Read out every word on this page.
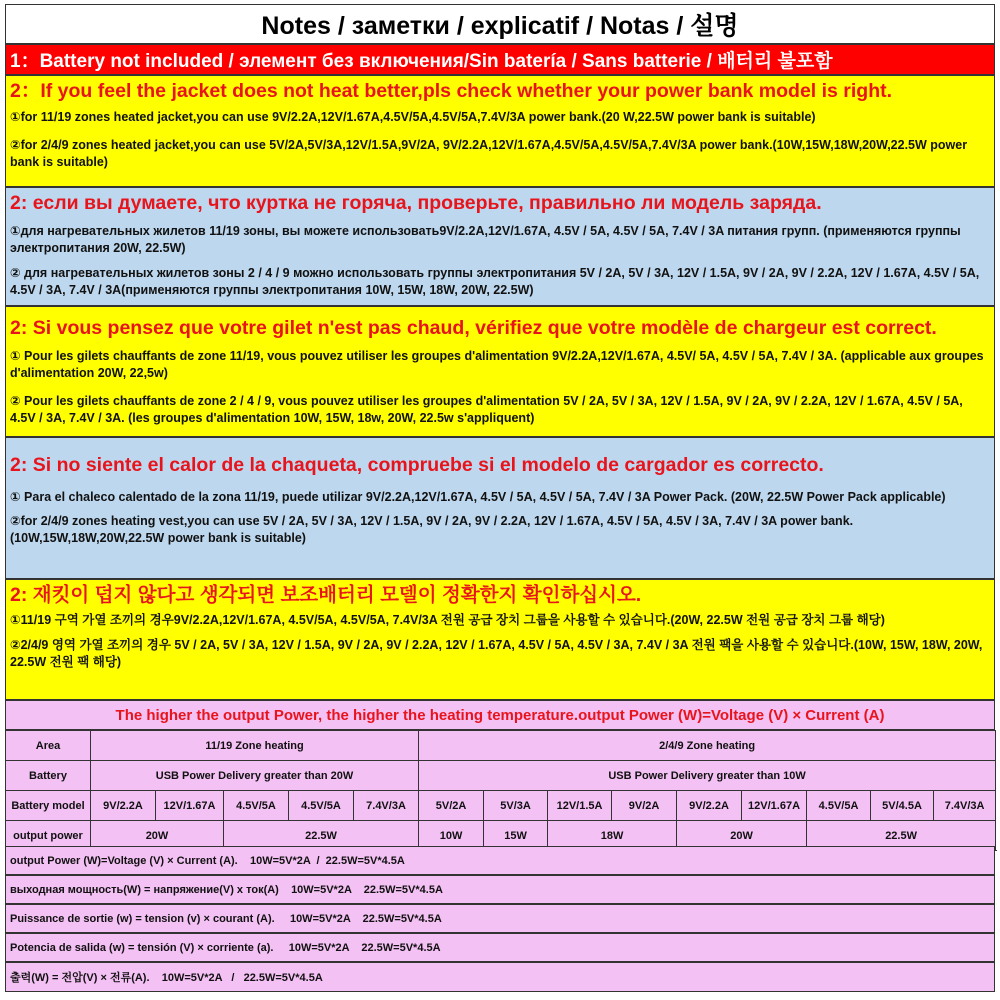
Notes / заметки / explicatif / Notas / 설명
1：Battery not included / элемент без включения/Sin batería / Sans batterie / 배터리 불포함
2：If you feel the jacket does not heat better,pls check whether your power bank model is right.
①for 11/19 zones heated jacket,you can use 9V/2.2A,12V/1.67A,4.5V/5A,4.5V/5A,7.4V/3A power bank.(20 W,22.5W power bank is suitable)
②for 2/4/9 zones heated jacket,you can use 5V/2A,5V/3A,12V/1.5A,9V/2A, 9V/2.2A,12V/1.67A,4.5V/5A,4.5V/5A,7.4V/3A power bank.(10W,15W,18W,20W,22.5W power bank is suitable)
2: если вы думаете, что куртка не горяча, проверьте, правильно ли модель заряда.
①для нагревательных жилетов 11/19 зоны, вы можете использовать9V/2.2A,12V/1.67A, 4.5V / 5A, 4.5V / 5A, 7.4V / 3A питания групп. (применяются группы электропитания 20W, 22.5W)
② для нагревательных жилетов зоны 2 / 4 / 9 можно использовать группы электропитания 5V / 2A, 5V / 3A, 12V / 1.5A, 9V / 2A, 9V / 2.2A, 12V / 1.67A, 4.5V / 5A, 4.5V / 3A, 7.4V / 3A(применяются группы электропитания 10W, 15W, 18W, 20W, 22.5W)
2: Si vous pensez que votre gilet n'est pas chaud, vérifiez que votre modèle de chargeur est correct.
① Pour les gilets chauffants de zone 11/19, vous pouvez utiliser les groupes d'alimentation 9V/2.2A,12V/1.67A, 4.5V/ 5A, 4.5V / 5A, 7.4V / 3A. (applicable aux groupes d'alimentation 20W, 22,5w)
② Pour les gilets chauffants de zone 2 / 4 / 9, vous pouvez utiliser les groupes d'alimentation 5V / 2A, 5V / 3A, 12V / 1.5A, 9V / 2A, 9V / 2.2A, 12V / 1.67A, 4.5V / 5A, 4.5V / 3A, 7.4V / 3A. (les groupes d'alimentation 10W, 15W, 18w, 20W, 22.5w s'appliquent)
2: Si no siente el calor de la chaqueta, compruebe si el modelo de cargador es correcto.
① Para el chaleco calentado de la zona 11/19, puede utilizar 9V/2.2A,12V/1.67A, 4.5V / 5A, 4.5V / 5A, 7.4V / 3A Power Pack. (20W, 22.5W Power Pack applicable)
②for 2/4/9 zones heating vest,you can use 5V / 2A, 5V / 3A, 12V / 1.5A, 9V / 2A, 9V / 2.2A, 12V / 1.67A, 4.5V / 5A, 4.5V / 3A, 7.4V / 3A power bank.(10W,15W,18W,20W,22.5W power bank is suitable)
2: 재킷이 덥지 않다고 생각되면 보조배터리 모델이 정확한지 확인하십시오.
①11/19 구역 가열 조끼의 경우9V/2.2A,12V/1.67A, 4.5V/5A, 4.5V/5A, 7.4V/3A 전원 공급 장치 그룹을 사용할 수 있습니다.(20W, 22.5W 전원 공급 장치 그룹 해당)
②2/4/9 영역 가열 조끼의 경우 5V / 2A, 5V / 3A, 12V / 1.5A, 9V / 2A, 9V / 2.2A, 12V / 1.67A, 4.5V / 5A, 4.5V / 3A, 7.4V / 3A 전원 팩을 사용할 수 있습니다.(10W, 15W, 18W, 20W, 22.5W 전원 팩 해당)
The higher the output Power, the higher the heating temperature.output Power (W)=Voltage (V) × Current (A)
Area	11/19 Zone heating					2/4/9 Zone heating								
Battery	USB Power Delivery greater than 20W					USB Power Delivery greater than 10W								
Battery model	9V/2.2A	12V/1.67A	4.5V/5A	4.5V/5A	7.4V/3A	5V/2A	5V/3A	12V/1.5A	9V/2A	9V/2.2A	12V/1.67A	4.5V/5A	5V/4.5A	7.4V/3A
output power	20W		22.5W			10W	15W	18W		20W		22.5W		
output Power (W)=Voltage (V) × Current (A).    10W=5V*2A  /  22.5W=5V*4.5A
выходная мощность(W) = напряжение(V) х ток(A)    10W=5V*2A    22.5W=5V*4.5A
Puissance de sortie (w) = tension (v) × courant (A).     10W=5V*2A    22.5W=5V*4.5A
Potencia de salida (w) = tensión (V) × corriente (a).     10W=5V*2A    22.5W=5V*4.5A
출력(W) = 전압(V) × 전류(A).    10W=5V*2A   /   22.5W=5V*4.5A
